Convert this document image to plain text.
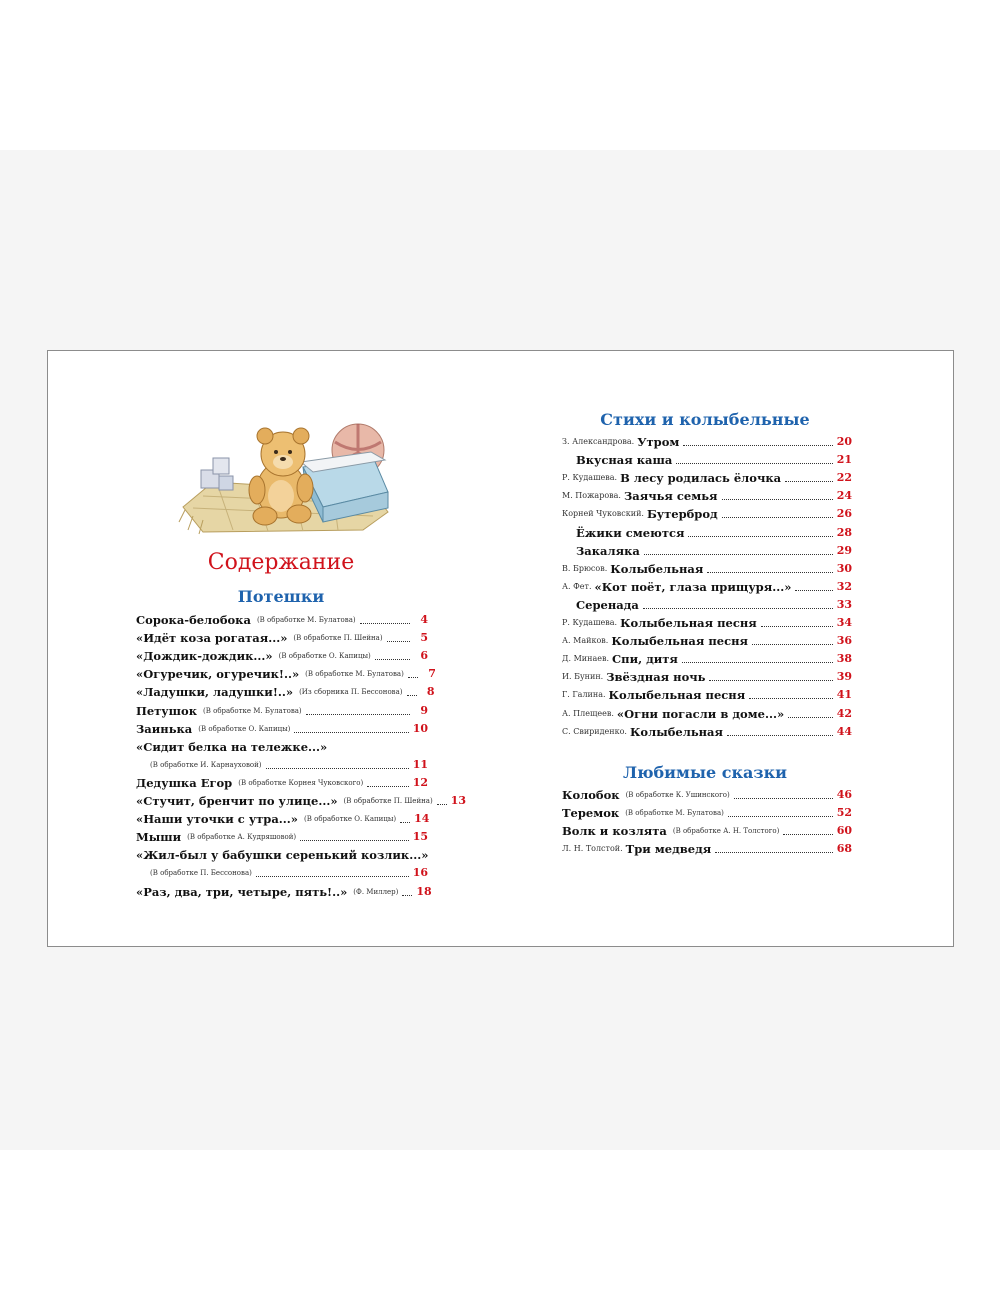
Содержание
Потешки
Сорока-белобока (В обработке М. Булатова)	4
«Идёт коза рогатая...» (В обработке П. Шейна)	5
«Дождик-дождик...» (В обработке О. Капицы)	6
«Огуречик, огуречик!..» (В обработке М. Булатова)	7
«Ладушки, ладушки!..» (Из сборника П. Бессонова)	8
Петушок (В обработке М. Булатова)	9
Заинька (В обработке О. Капицы)	10
«Сидит белка на тележке...»
(В обработке И. Карнауховой)	11
Дедушка Егор (В обработке Корнея Чуковского)	12
«Стучит, бренчит по улице...» (В обработке П. Шейна) 13
«Наши уточки с утра...» (В обработке О. Капицы) 14
Мыши (В обработке А. Кудряшовой)	15
«Жил-был у бабушки серенький козлик...»
(В обработке П. Бессонова)	16
«Раз, два, три, четыре, пять!..» (Ф. Миллер) 18
Стихи и колыбельные
З. Александрова. Утром	20
Вкусная каша	21
Р. Кудашева. В лесу родилась ёлочка	22
М. Пожарова. Заячья семья	24
Корней Чуковский. Бутерброд	26
Ёжики смеются	28
Закаляка	29
В. Брюсов. Колыбельная	30
А. Фет. «Кот поёт, глаза прищуря...»	32
Серенада	33
Р. Кудашева. Колыбельная песня	34
А. Майков. Колыбельная песня	36
Д. Минаев. Спи, дитя	38
И. Бунин. Звёздная ночь	39
Г. Галина. Колыбельная песня	41
А. Плещеев. «Огни погасли в доме...»	42
С. Свириденко. Колыбельная	44
Любимые сказки
Колобок (В обработке К. Ушинского)	46
Теремок (В обработке М. Булатова)	52
Волк и козлята (В обработке А. Н. Толстого)	60
Л. Н. Толстой. Три медведя	68
